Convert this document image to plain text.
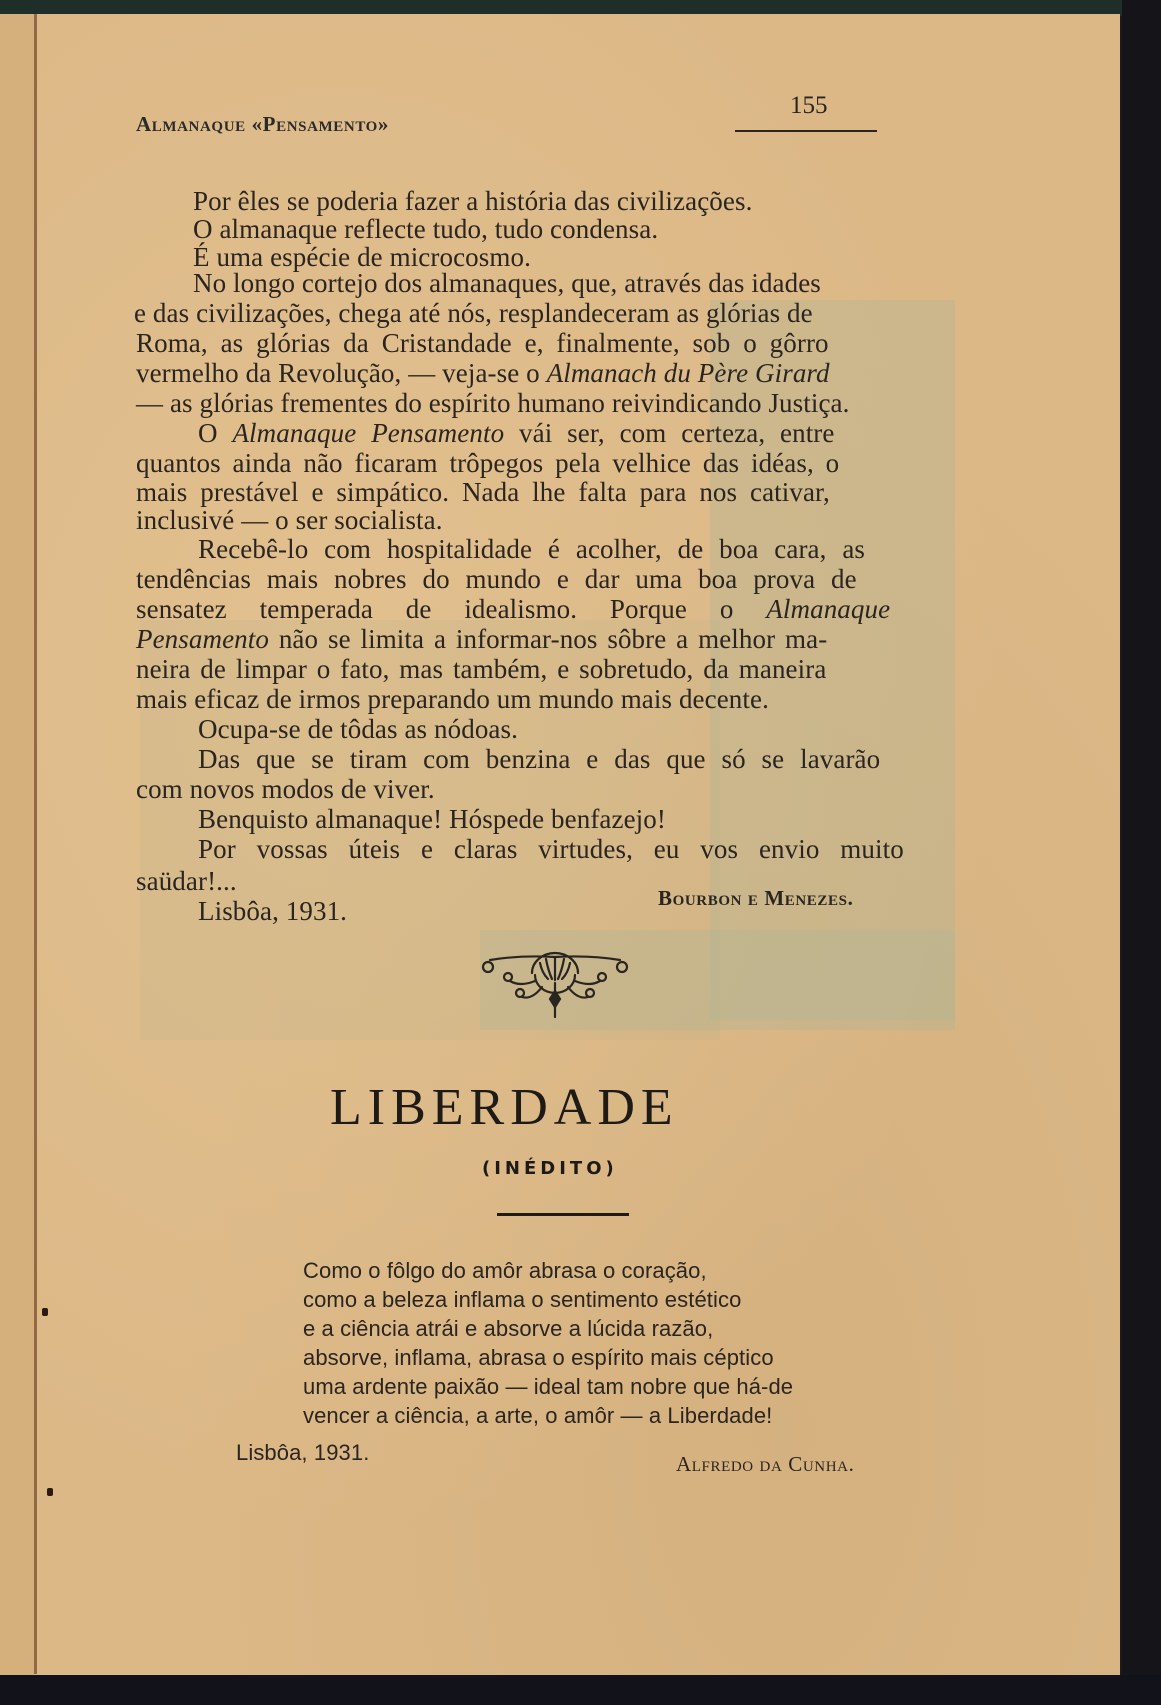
Almanaque «Pensamento»
155
Por êles se poderia fazer a história das civilizações.
O almanaque reflecte tudo, tudo condensa.
É uma espécie de microcosmo.
No longo cortejo dos almanaques, que, através das idades
e das civilizações, chega até nós, resplandeceram as glórias de
Roma, as glórias da Cristandade e, finalmente, sob o gôrro
vermelho da Revolução, — veja-se o Almanach du Père Girard
— as glórias frementes do espírito humano reivindicando Justiça.
O Almanaque Pensamento vái ser, com certeza, entre
quantos ainda não ficaram trôpegos pela velhice das idéas, o
mais prestável e simpático. Nada lhe falta para nos cativar,
inclusivé — o ser socialista.
Recebê-lo com hospitalidade é acolher, de boa cara, as
tendências mais nobres do mundo e dar uma boa prova de
sensatez temperada de idealismo. Porque o Almanaque
Pensamento não se limita a informar-nos sôbre a melhor ma-
neira de limpar o fato, mas também, e sobretudo, da maneira
mais eficaz de irmos preparando um mundo mais decente.
Ocupa-se de tôdas as nódoas.
Das que se tiram com benzina e das que só se lavarão
com novos modos de viver.
Benquisto almanaque! Hóspede benfazejo!
Por vossas úteis e claras virtudes, eu vos envio muito
saüdar!...
Lisbôa, 1931.	Bourbon e Menezes.
LIBERDADE
(INÉDITO)
Como o fôlgo do amôr abrasa o coração,
como a beleza inflama o sentimento estético
e a ciência atrái e absorve a lúcida razão,
absorve, inflama, abrasa o espírito mais céptico
uma ardente paixão — ideal tam nobre que há-de
vencer a ciência, a arte, o amôr — a Liberdade!
Lisbôa, 1931.	Alfredo da Cunha.
